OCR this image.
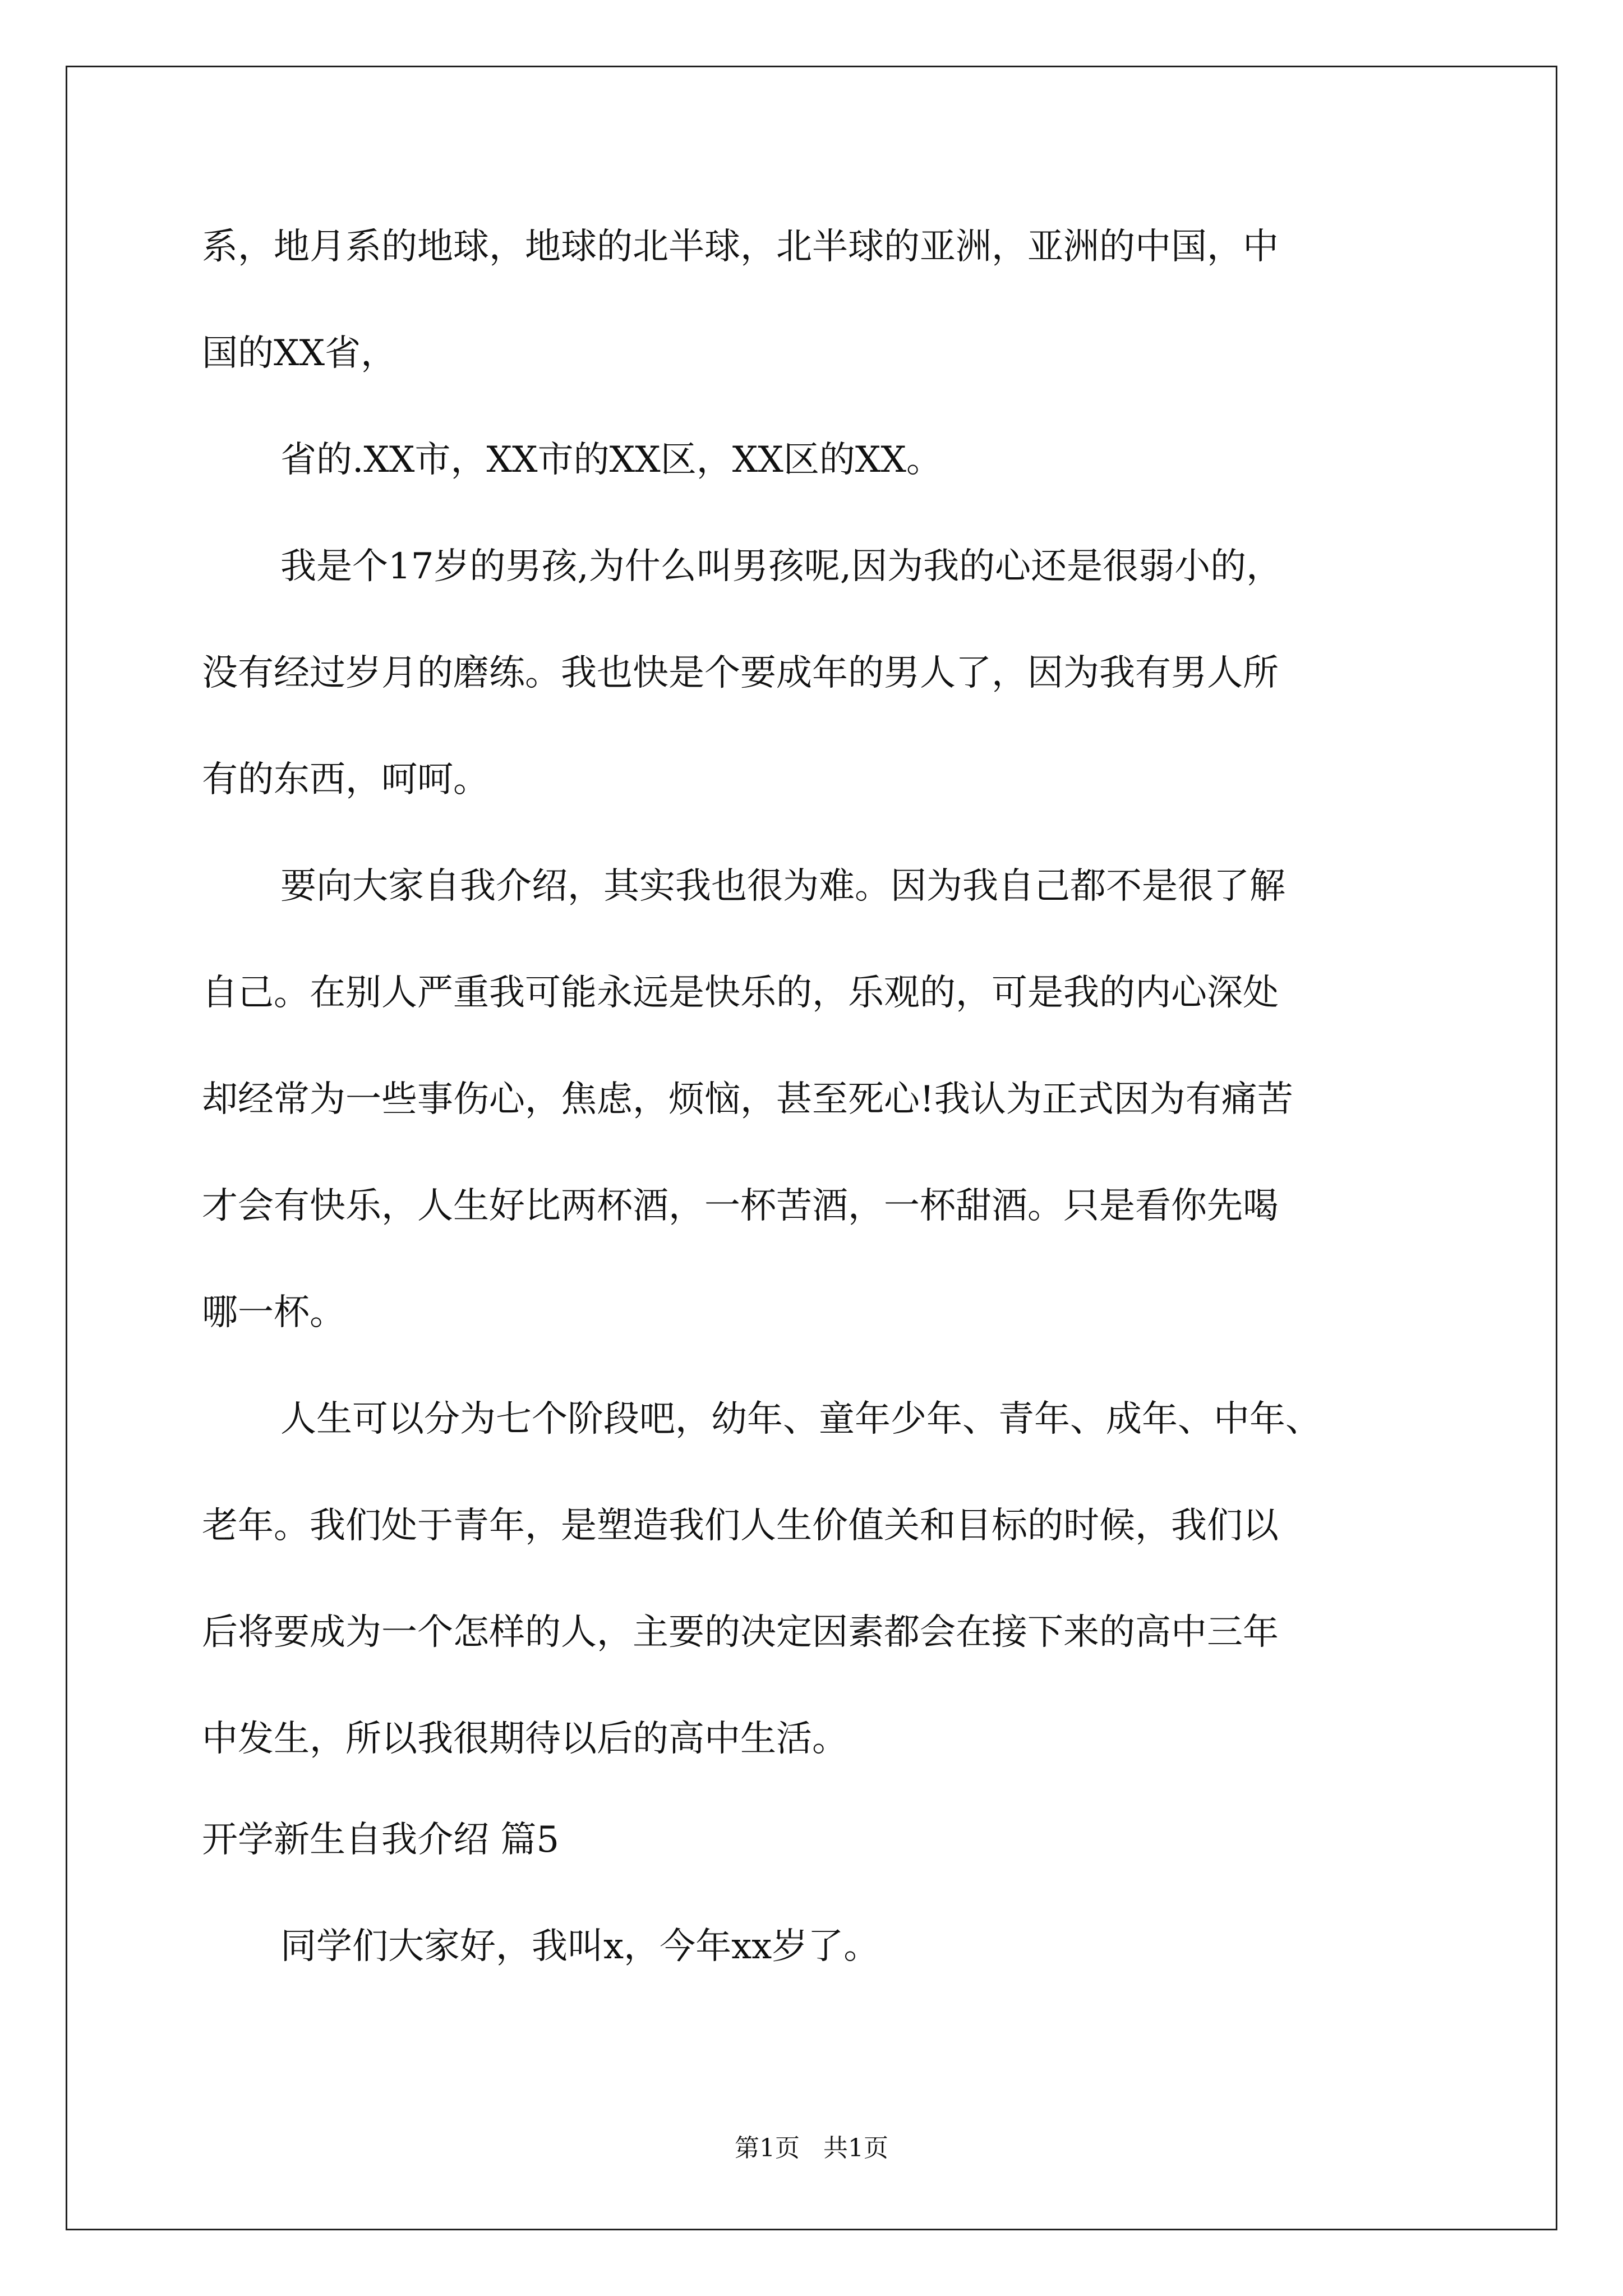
系，地月系的地球，地球的北半球，北半球的亚洲，亚洲的中国，中
国的XX省，
省的.XX市，XX市的XX区，XX区的XX。
我是个17岁的男孩,为什么叫男孩呢,因为我的心还是很弱小的，
没有经过岁月的磨练。我也快是个要成年的男人了，因为我有男人所
有的东西，呵呵。
要向大家自我介绍，其实我也很为难。因为我自己都不是很了解
自己。在别人严重我可能永远是快乐的，乐观的，可是我的内心深处
却经常为一些事伤心，焦虑，烦恼，甚至死心!我认为正式因为有痛苦
才会有快乐，人生好比两杯酒，一杯苦酒，一杯甜酒。只是看你先喝
哪一杯。
人生可以分为七个阶段吧，幼年、童年少年、青年、成年、中年、
老年。我们处于青年，是塑造我们人生价值关和目标的时候，我们以
后将要成为一个怎样的人，主要的决定因素都会在接下来的高中三年
中发生，所以我很期待以后的高中生活。
开学新生自我介绍 篇5
同学们大家好，我叫x，今年xx岁了。
第1页   共1页
